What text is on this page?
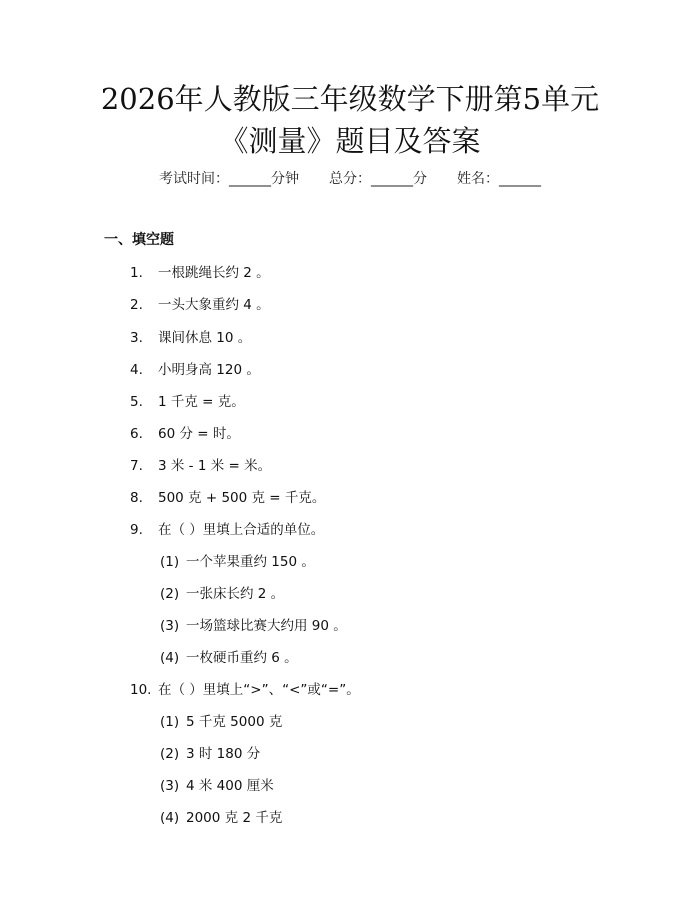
2026年人教版三年级数学下册第5单元《测量》题目及答案
考试时间：______分钟 总分：______分 姓名：______
一、填空题
1. 一根跳绳长约 2 。
2. 一头大象重约 4 。
3. 课间休息 10 。
4. 小明身高 120 。
5. 1 千克 = 克。
6. 60 分 = 时。
7. 3 米 - 1 米 = 米。
8. 500 克 + 500 克 = 千克。
9. 在（ ）里填上合适的单位。
(1) 一个苹果重约 150 。
(2) 一张床长约 2 。
(3) 一场篮球比赛大约用 90 。
(4) 一枚硬币重约 6 。
10. 在（ ）里填上“>”、“<”或“=”。
(1) 5 千克 5000 克
(2) 3 时 180 分
(3) 4 米 400 厘米
(4) 2000 克 2 千克
